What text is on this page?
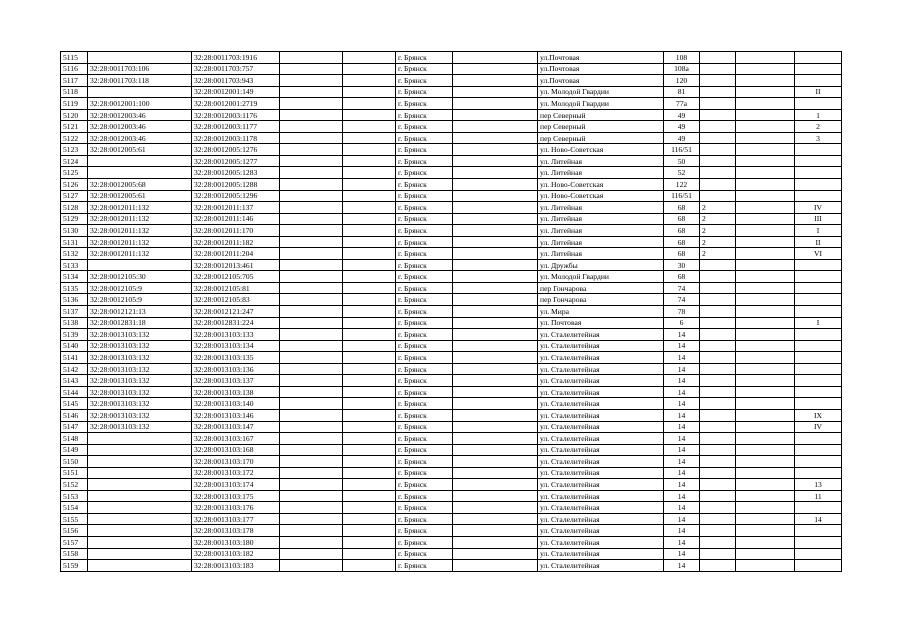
5115		32:28:0011703:1916			г. Брянск		ул.Почтовая	108			
5116	32:28:0011703:106	32:28:0011703:757			г. Брянск		ул.Почтовая	108а			
5117	32:28:0011703:118	32:28:0011703:943			г. Брянск		ул.Почтовая	120			
5118		32:28:0012001:149			г. Брянск		ул. Молодой Гвардии	81			II
5119	32:28:0012001:100	32:28:0012001:2719			г. Брянск		ул. Молодой Гвардии	77а			
5120	32:28:0012003:46	32:28:0012003:1176			г. Брянск		пер Северный	49			1
5121	32:28:0012003:46	32:28:0012003:1177			г. Брянск		пер Северный	49			2
5122	32:28:0012003:46	32:28:0012003:1178			г. Брянск		пер Северный	49			3
5123	32:28:0012005:61	32:28:0012005:1276			г. Брянск		ул. Ново-Советская	116/51			
5124		32:28:0012005:1277			г. Брянск		ул. Литейная	50			
5125		32:28:0012005:1283			г. Брянск		ул. Литейная	52			
5126	32:28:0012005:68	32:28:0012005:1288			г. Брянск		ул. Ново-Советская	122			
5127	32:28:0012005:61	32:28:0012005:1296			г. Брянск		ул. Ново-Советская	116/51			
5128	32:28:0012011:132	32:28:0012011:137			г. Брянск		ул. Литейная	68	2		IV
5129	32:28:0012011:132	32:28:0012011:146			г. Брянск		ул. Литейная	68	2		III
5130	32:28:0012011:132	32:28:0012011:170			г. Брянск		ул. Литейная	68	2		I
5131	32:28:0012011:132	32:28:0012011:182			г. Брянск		ул. Литейная	68	2		II
5132	32:28:0012011:132	32:28:0012011:204			г. Брянск		ул. Литейная	68	2		VI
5133		32:28:0012013:461			г. Брянск		ул. Дружбы	30			
5134	32:28:0012105:30	32:28:0012105:705			г. Брянск		ул. Молодой Гвардии	68			
5135	32:28:0012105:9	32:28:0012105:81			г. Брянск		пер Гончарова	74			
5136	32:28:0012105:9	32:28:0012105:83			г. Брянск		пер Гончарова	74			
5137	32:28:0012121:13	32:28:0012121:247			г. Брянск		ул. Мира	78			
5138	32:28:0012831:18	32:28:0012831:224			г. Брянск		ул. Почтовая	6			I
5139	32:28:0013103:132	32:28:0013103:133			г. Брянск		ул. Сталелитейная	14			
5140	32:28:0013103:132	32:28:0013103:134			г. Брянск		ул. Сталелитейная	14			
5141	32:28:0013103:132	32:28:0013103:135			г. Брянск		ул. Сталелитейная	14			
5142	32:28:0013103:132	32:28:0013103:136			г. Брянск		ул. Сталелитейная	14			
5143	32:28:0013103:132	32:28:0013103:137			г. Брянск		ул. Сталелитейная	14			
5144	32:28:0013103:132	32:28:0013103:138			г. Брянск		ул. Сталелитейная	14			
5145	32:28:0013103:132	32:28:0013103:140			г. Брянск		ул. Сталелитейная	14			
5146	32:28:0013103:132	32:28:0013103:146			г. Брянск		ул. Сталелитейная	14			IX
5147	32:28:0013103:132	32:28:0013103:147			г. Брянск		ул. Сталелитейная	14			IV
5148		32:28:0013103:167			г. Брянск		ул. Сталелитейная	14			
5149		32:28:0013103:168			г. Брянск		ул. Сталелитейная	14			
5150		32:28:0013103:170			г. Брянск		ул. Сталелитейная	14			
5151		32:28:0013103:172			г. Брянск		ул. Сталелитейная	14			
5152		32:28:0013103:174			г. Брянск		ул. Сталелитейная	14			13
5153		32:28:0013103:175			г. Брянск		ул. Сталелитейная	14			11
5154		32:28:0013103:176			г. Брянск		ул. Сталелитейная	14			
5155		32:28:0013103:177			г. Брянск		ул. Сталелитейная	14			14
5156		32:28:0013103:178			г. Брянск		ул. Сталелитейная	14			
5157		32:28:0013103:180			г. Брянск		ул. Сталелитейная	14			
5158		32:28:0013103:182			г. Брянск		ул. Сталелитейная	14			
5159		32:28:0013103:183			г. Брянск		ул. Сталелитейная	14			
